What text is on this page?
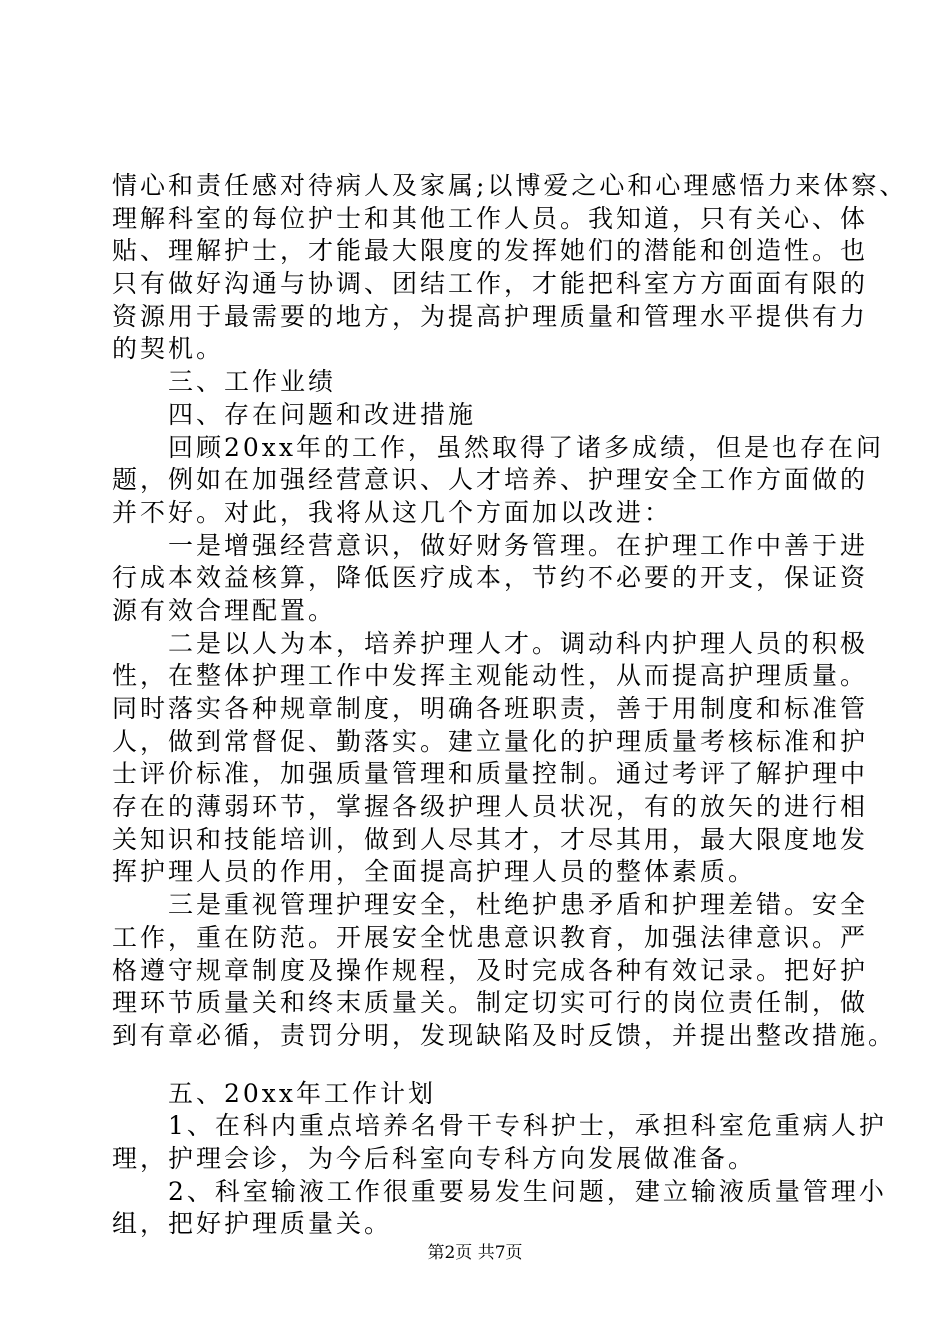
情心和责任感对待病人及家属;以博爱之心和心理感悟力来体察、
理解科室的每位护士和其他工作人员。我知道，只有关心、体
贴、理解护士，才能最大限度的发挥她们的潜能和创造性。也
只有做好沟通与协调、团结工作，才能把科室方方面面有限的
资源用于最需要的地方，为提高护理质量和管理水平提供有力
的契机。
三、工作业绩
四、存在问题和改进措施
回顾20xx年的工作，虽然取得了诸多成绩，但是也存在问
题，例如在加强经营意识、人才培养、护理安全工作方面做的
并不好。对此，我将从这几个方面加以改进：
一是增强经营意识，做好财务管理。在护理工作中善于进
行成本效益核算，降低医疗成本，节约不必要的开支，保证资
源有效合理配置。
二是以人为本，培养护理人才。调动科内护理人员的积极
性，在整体护理工作中发挥主观能动性，从而提高护理质量。
同时落实各种规章制度，明确各班职责，善于用制度和标准管
人，做到常督促、勤落实。建立量化的护理质量考核标准和护
士评价标准，加强质量管理和质量控制。通过考评了解护理中
存在的薄弱环节，掌握各级护理人员状况，有的放矢的进行相
关知识和技能培训，做到人尽其才，才尽其用，最大限度地发
挥护理人员的作用，全面提高护理人员的整体素质。
三是重视管理护理安全，杜绝护患矛盾和护理差错。安全
工作，重在防范。开展安全忧患意识教育，加强法律意识。严
格遵守规章制度及操作规程，及时完成各种有效记录。把好护
理环节质量关和终末质量关。制定切实可行的岗位责任制，做
到有章必循，责罚分明，发现缺陷及时反馈，并提出整改措施。
五、20xx年工作计划
1、在科内重点培养名骨干专科护士，承担科室危重病人护
理，护理会诊，为今后科室向专科方向发展做准备。
2、科室输液工作很重要易发生问题，建立输液质量管理小
组，把好护理质量关。
第2页 共7页
